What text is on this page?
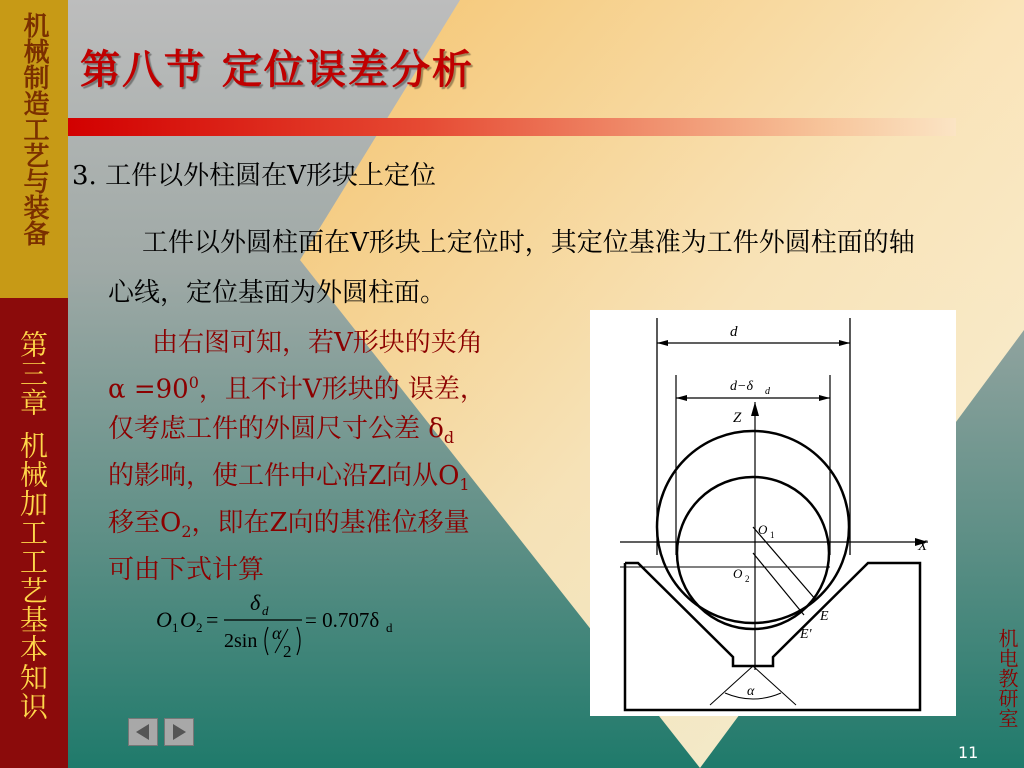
机械制造工艺与装备
第三章机械加工工艺基本知识
第八节 定位误差分析
3. 工件以外柱圆在V形块上定位
工件以外圆柱面在V形块上定位时，其定位基准为工件外圆柱面的轴心线，定位基面为外圆柱面。
由右图可知，若V形块的夹角
$\alpha =90^0$，且不计V形块的 误差，
仅考虑工件的外圆尺寸公差 $\delta_d$
的影响，使工件中心沿Z向从$O_1$
移至$O_2$，即在Z向的基准位移量
可由下式计算
O 1 O 2 =
δ d
2sin α
2
= 0.707δ d
d
d−δ d
Z
X
O 1
O 2
E
E'
α
11
机电教研室
